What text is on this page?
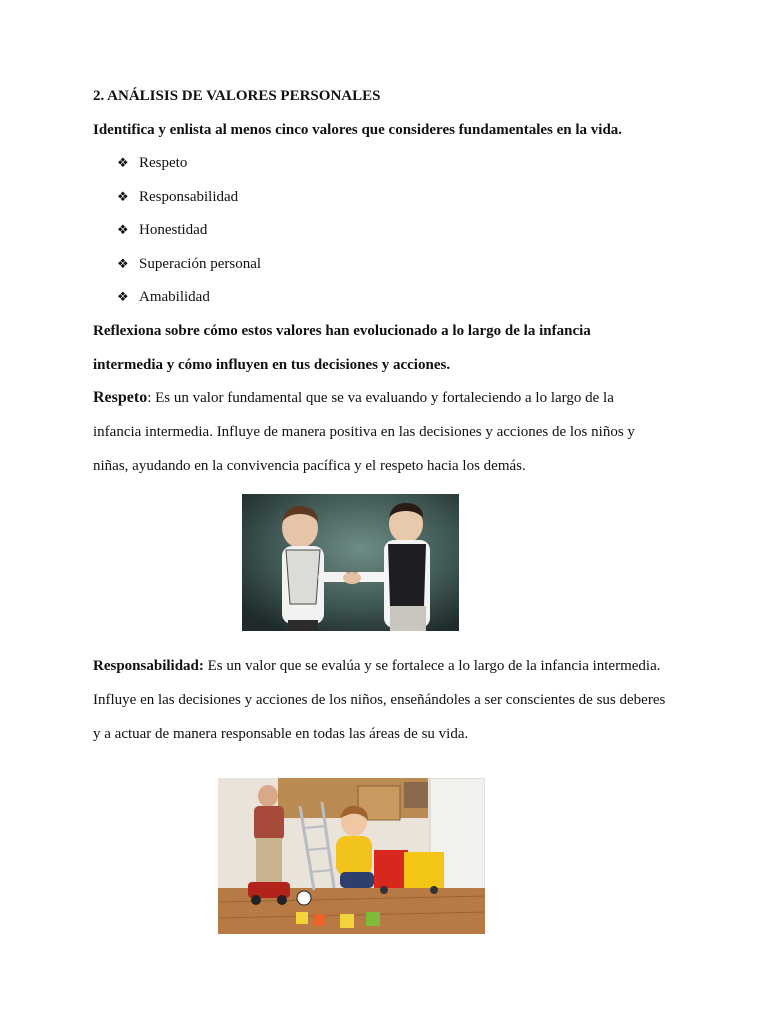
2. ANÁLISIS DE VALORES PERSONALES
Identifica y enlista al menos cinco valores que consideres fundamentales en la vida.
❖ Respeto
❖ Responsabilidad
❖ Honestidad
❖ Superación personal
❖ Amabilidad
Reflexiona sobre cómo estos valores han evolucionado a lo largo de la infancia
intermedia y cómo influyen en tus decisiones y acciones.
Respeto: Es un valor fundamental que se va evaluando y fortaleciendo a lo largo de la
infancia intermedia. Influye de manera positiva en las decisiones y acciones de los niños y
niñas, ayudando en la convivencia pacífica y el respeto hacia los demás.
Responsabilidad: Es un valor que se evalúa y se fortalece a lo largo de la infancia intermedia.
Influye en las decisiones y acciones de los niños, enseñándoles a ser conscientes de sus deberes
y a actuar de manera responsable en todas las áreas de su vida.
